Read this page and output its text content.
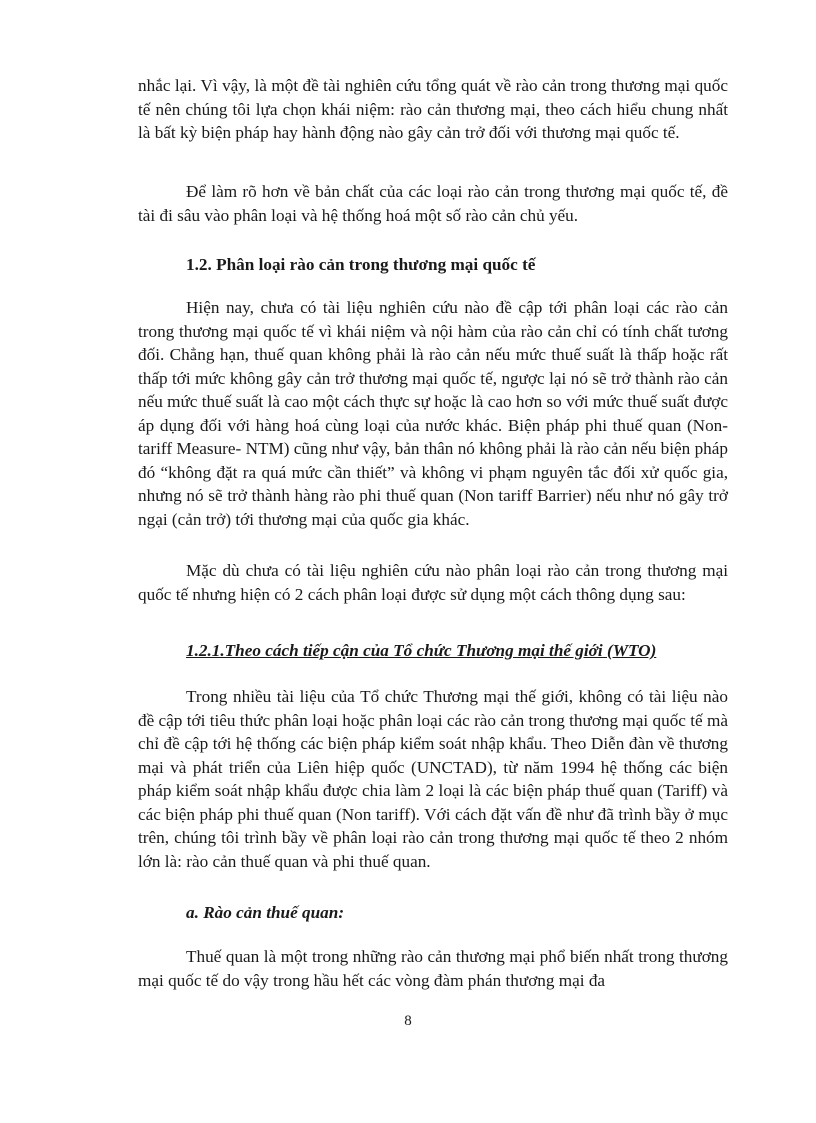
nhắc lại. Vì vậy, là một đề tài nghiên cứu tổng quát về rào cản trong thương mại quốc tế nên chúng tôi lựa chọn khái niệm: rào cản thương mại, theo cách hiểu chung nhất là bất kỳ biện pháp hay hành động nào gây cản trở đối với thương mại quốc tế.

Để làm rõ hơn về bản chất của các loại rào cản trong thương mại quốc tế, đề tài đi sâu vào phân loại và hệ thống hoá một số rào cản chủ yếu.

1.2. Phân loại rào cản trong thương mại quốc tế

Hiện nay, chưa có tài liệu nghiên cứu nào đề cập tới phân loại các rào cản trong thương mại quốc tế vì khái niệm và nội hàm của rào cản chỉ có tính chất tương đối. Chẳng hạn, thuế quan không phải là rào cản nếu mức thuế suất là thấp hoặc rất thấp tới mức không gây cản trở thương mại quốc tế, ngược lại nó sẽ trở thành rào cản nếu mức thuế suất là cao một cách thực sự hoặc là cao hơn so với mức thuế suất được áp dụng đối với hàng hoá cùng loại của nước khác. Biện pháp phi thuế quan (Non-tariff Measure- NTM) cũng như vậy, bản thân nó không phải là rào cản nếu biện pháp đó “không đặt ra quá mức cần thiết” và không vi phạm nguyên tắc đối xử quốc gia, nhưng nó sẽ trở thành hàng rào phi thuế quan (Non tariff Barrier) nếu như nó gây trở ngại (cản trở) tới thương mại của quốc gia khác.

Mặc dù chưa có tài liệu nghiên cứu nào phân loại rào cản trong thương mại quốc tế nhưng hiện có 2 cách phân loại được sử dụng một cách thông dụng sau:

1.2.1.Theo cách tiếp cận của Tổ chức Thương mại thế giới (WTO)

Trong nhiều tài liệu của Tổ chức Thương mại thế giới, không có tài liệu nào đề cập tới tiêu thức phân loại hoặc phân loại các rào cản trong thương mại quốc tế mà chỉ đề cập tới hệ thống các biện pháp kiểm soát nhập khẩu. Theo Diễn đàn về thương mại và phát triển của Liên hiệp quốc (UNCTAD), từ năm 1994 hệ thống các biện pháp kiểm soát nhập khẩu được chia làm 2 loại là các biện pháp thuế quan (Tariff) và các biện pháp phi thuế quan (Non tariff). Với cách đặt vấn đề như đã trình bầy ở mục trên, chúng tôi trình bầy về phân loại rào cản trong thương mại quốc tế theo 2 nhóm lớn là: rào cản thuế quan và phi thuế quan.

a. Rào cản thuế quan:

Thuế quan là một trong những rào cản thương mại phổ biến nhất trong thương mại quốc tế do vậy trong hầu hết các vòng đàm phán thương mại đa

8
